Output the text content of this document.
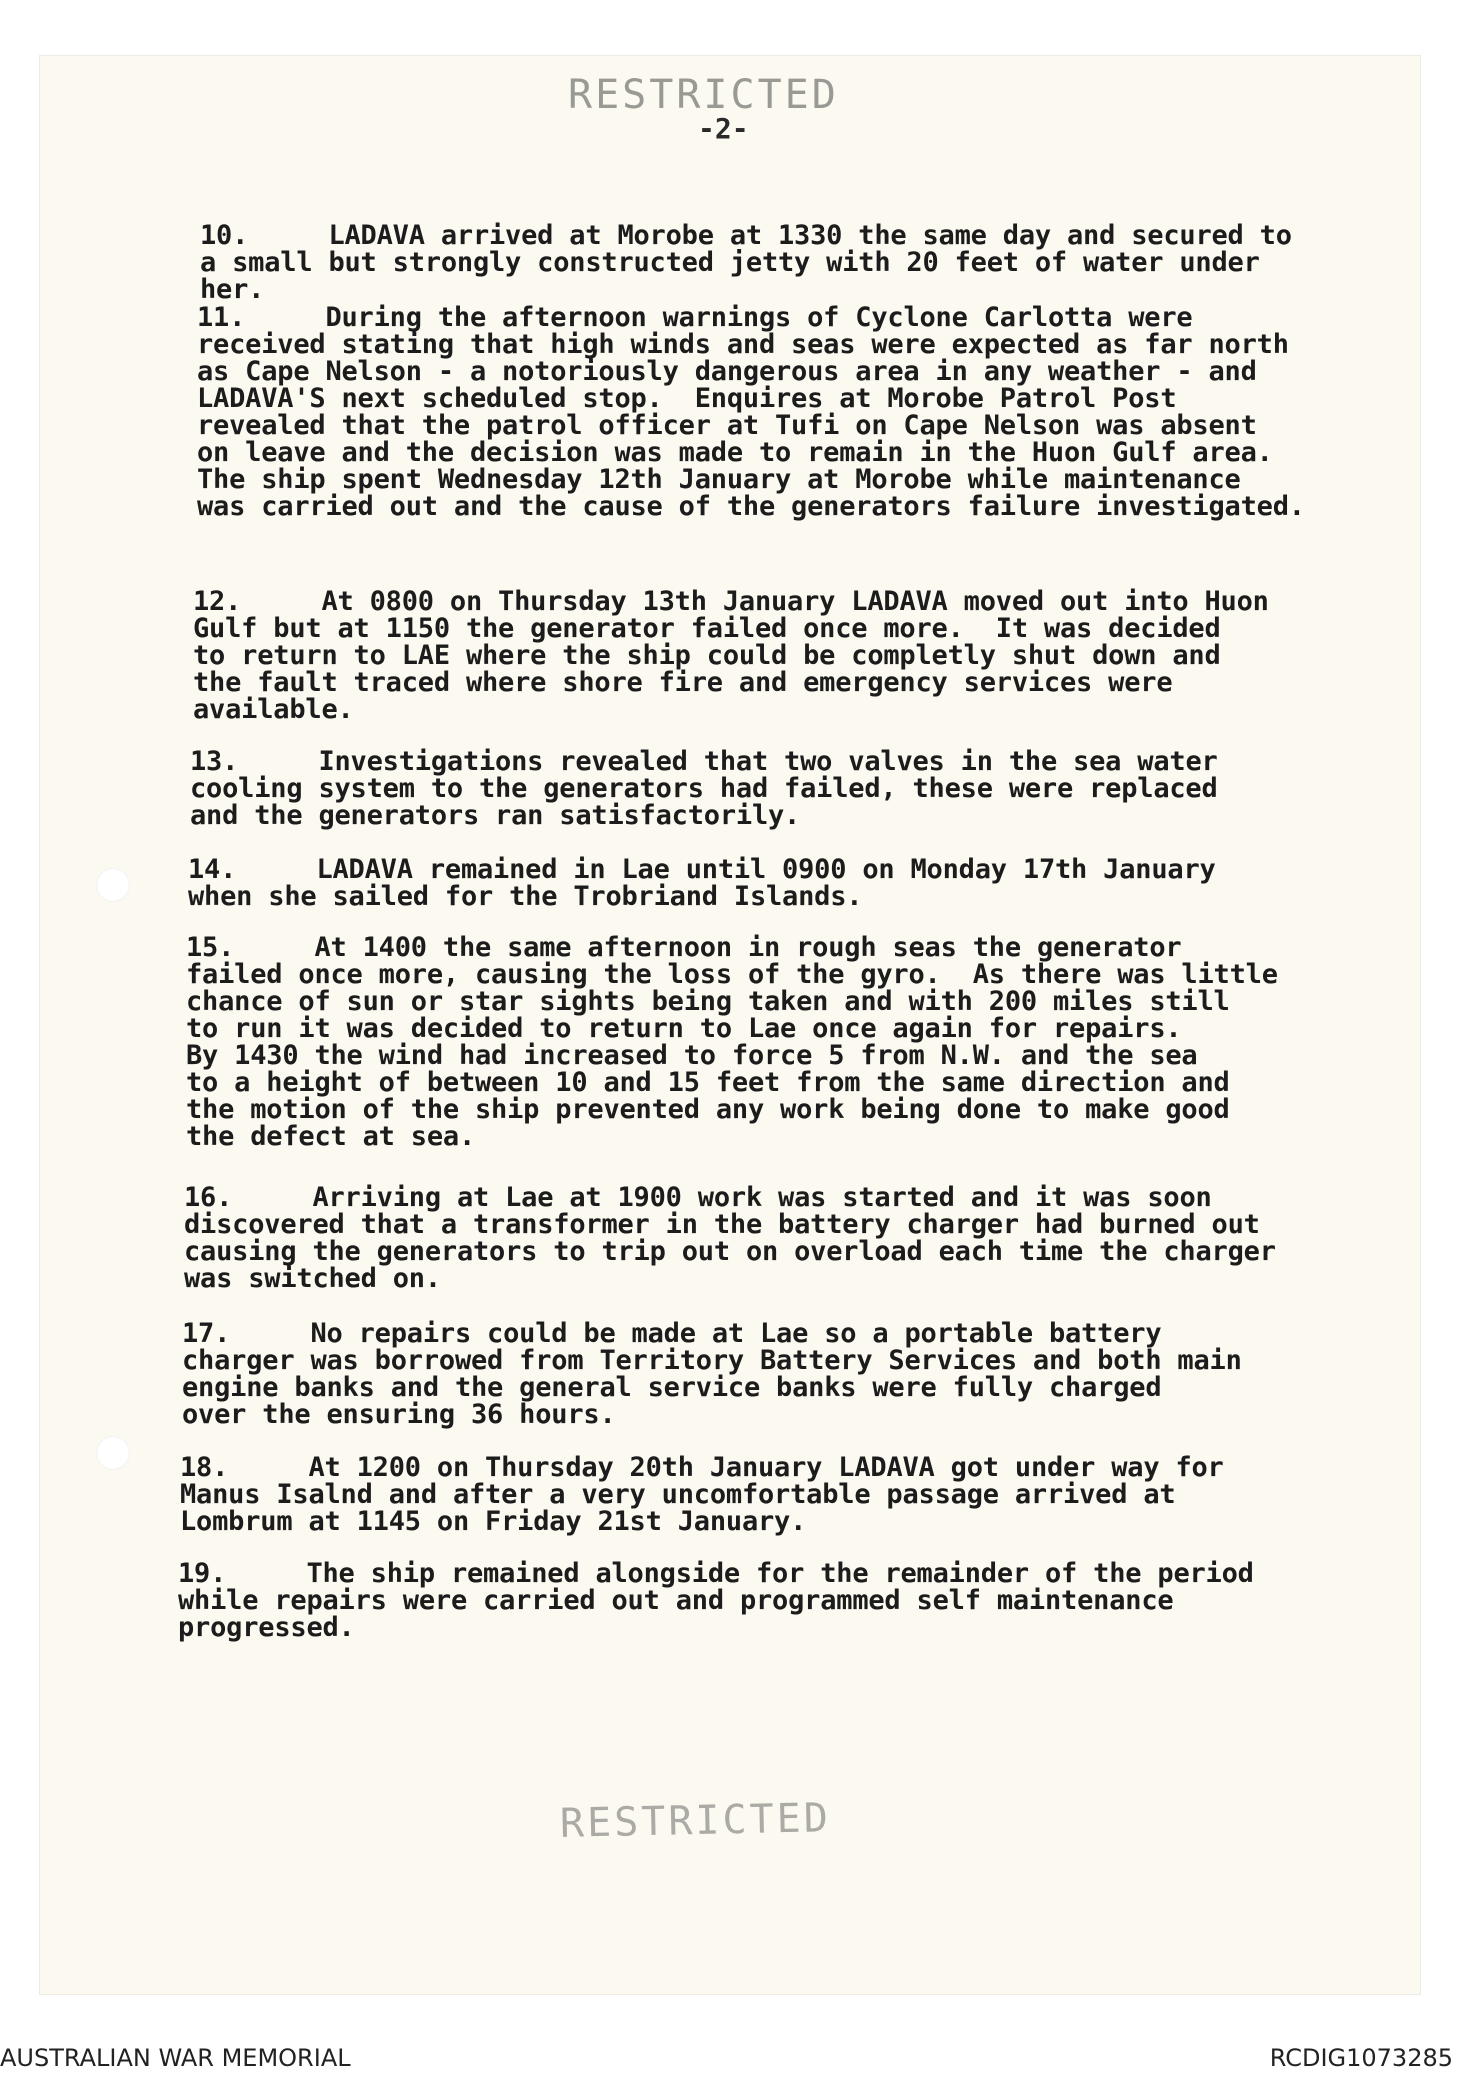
RESTRICTED
-2-
10.	LADAVA arrived at Morobe at 1330 the same day and secured to
a small but strongly constructed jetty with 20 feet of water under
her.
11.	During the afternoon warnings of Cyclone Carlotta were
received stating that high winds and seas were expected as far north
as Cape Nelson - a notoriously dangerous area in any weather - and
LADAVA'S next scheduled stop.  Enquires at Morobe Patrol Post
revealed that the patrol officer at Tufi on Cape Nelson was absent
on leave and the decision was made to remain in the Huon Gulf area.
The ship spent Wednesday 12th January at Morobe while maintenance
was carried out and the cause of the generators failure investigated.
12.	At 0800 on Thursday 13th January LADAVA moved out into Huon
Gulf but at 1150 the generator failed once more.  It was decided
to return to LAE where the ship could be completly shut down and
the fault traced where shore fire and emergency services were
available.
13.	Investigations revealed that two valves in the sea water
cooling system to the generators had failed, these were replaced
and the generators ran satisfactorily.
14.	LADAVA remained in Lae until 0900 on Monday 17th January
when she sailed for the Trobriand Islands.
15.	At 1400 the same afternoon in rough seas the generator
failed once more, causing the loss of the gyro.  As there was little
chance of sun or star sights being taken and with 200 miles still
to run it was decided to return to Lae once again for repairs.
By 1430 the wind had increased to force 5 from N.W. and the sea
to a height of between 10 and 15 feet from the same direction and
the motion of the ship prevented any work being done to make good
the defect at sea.
16.	Arriving at Lae at 1900 work was started and it was soon
discovered that a transformer in the battery charger had burned out
causing the generators to trip out on overload each time the charger
was switched on.
17.	No repairs could be made at Lae so a portable battery
charger was borrowed from Territory Battery Services and both main
engine banks and the general service banks were fully charged
over the ensuring 36 hours.
18.	At 1200 on Thursday 20th January LADAVA got under way for
Manus Isalnd and after a very uncomfortable passage arrived at
Lombrum at 1145 on Friday 21st January.
19.	The ship remained alongside for the remainder of the period
while repairs were carried out and programmed self maintenance
progressed.
RESTRICTED
AUSTRALIAN WAR MEMORIAL	RCDIG1073285
